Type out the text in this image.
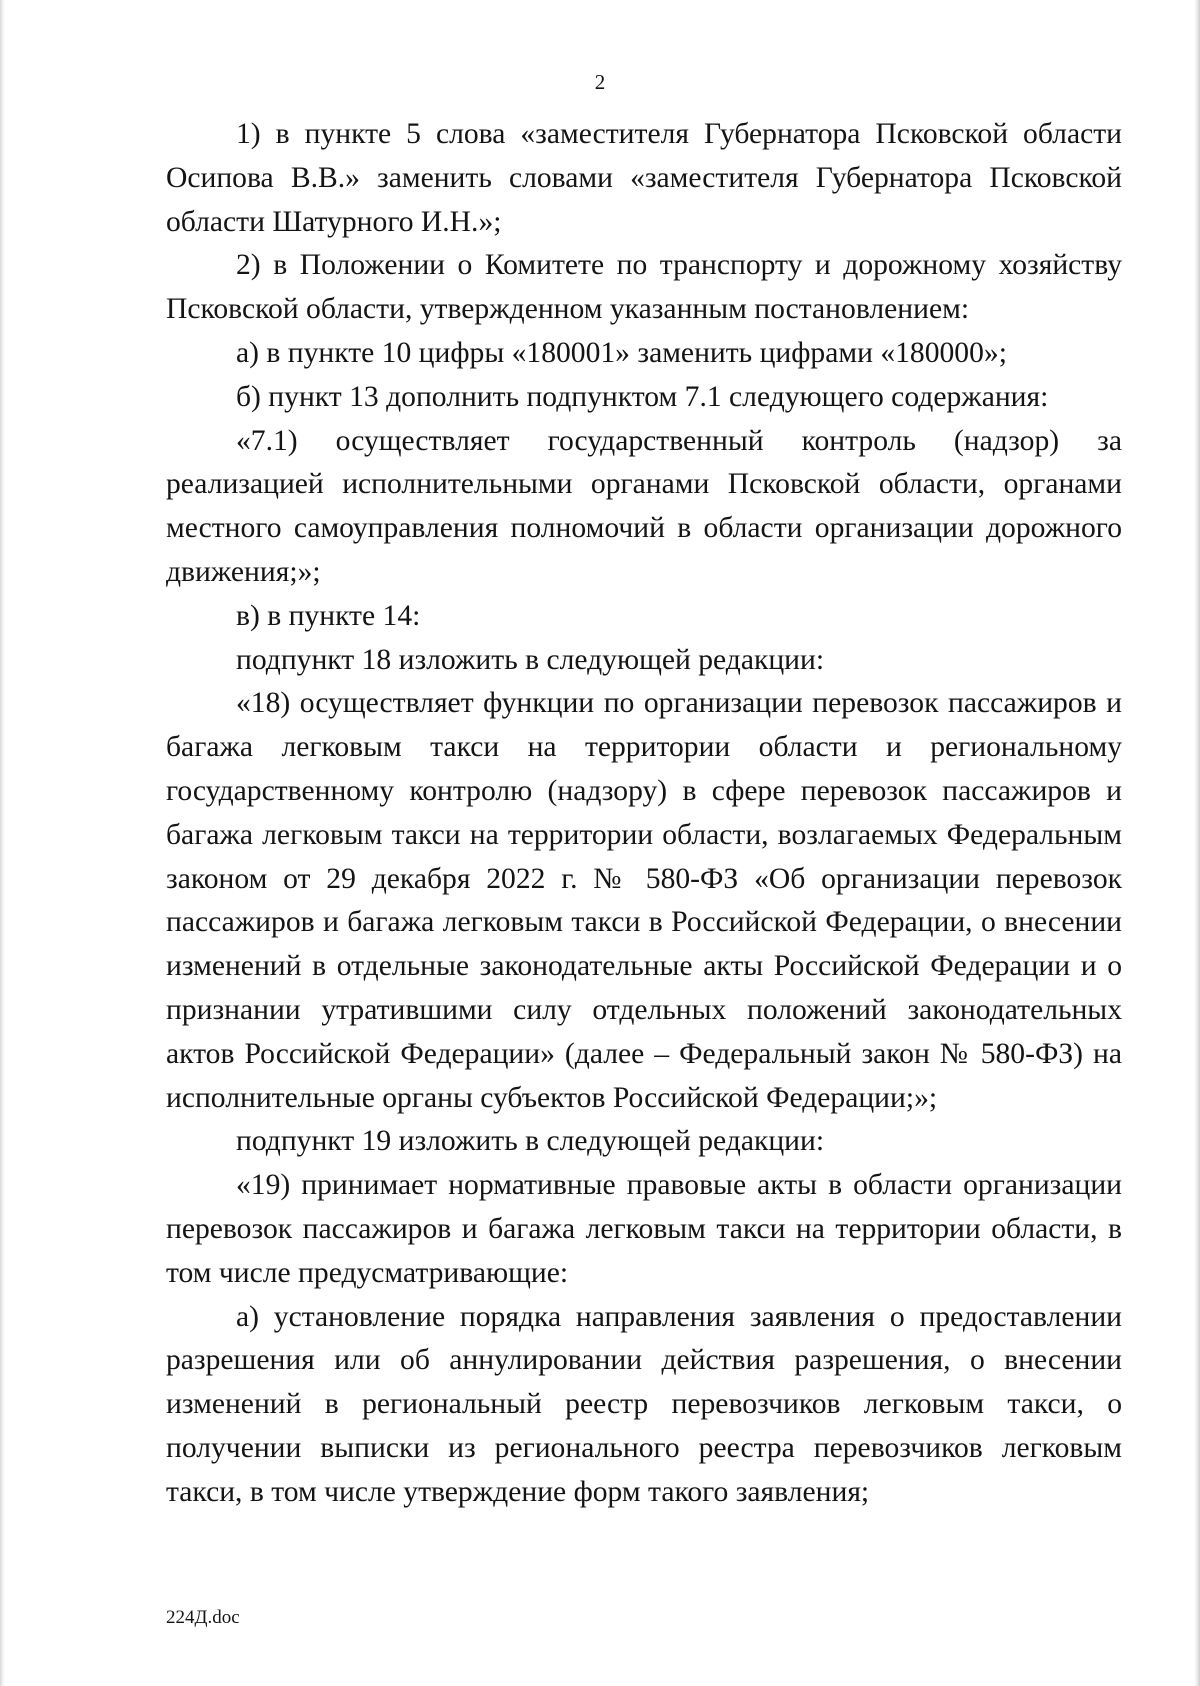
2

1) в пункте 5 слова «заместителя Губернатора Псковской области Осипова В.В.» заменить словами «заместителя Губернатора Псковской области Шатурного И.Н.»;

2) в Положении о Комитете по транспорту и дорожному хозяйству Псковской области, утвержденном указанным постановлением:

а) в пункте 10 цифры «180001» заменить цифрами «180000»;

б) пункт 13 дополнить подпунктом 7.1 следующего содержания:

«7.1) осуществляет государственный контроль (надзор) за реализацией исполнительными органами Псковской области, органами местного самоуправления полномочий в области организации дорожного движения;»;

в) в пункте 14:

подпункт 18 изложить в следующей редакции:

«18) осуществляет функции по организации перевозок пассажиров и багажа легковым такси на территории области и региональному государственному контролю (надзору) в сфере перевозок пассажиров и багажа легковым такси на территории области, возлагаемых Федеральным законом от 29 декабря 2022 г. № 580-ФЗ «Об организации перевозок пассажиров и багажа легковым такси в Российской Федерации, о внесении изменений в отдельные законодательные акты Российской Федерации и о признании утратившими силу отдельных положений законодательных актов Российской Федерации» (далее – Федеральный закон № 580-ФЗ) на исполнительные органы субъектов Российской Федерации;»;

подпункт 19 изложить в следующей редакции:

«19) принимает нормативные правовые акты в области организации перевозок пассажиров и багажа легковым такси на территории области, в том числе предусматривающие:

а) установление порядка направления заявления о предоставлении разрешения или об аннулировании действия разрешения, о внесении изменений в региональный реестр перевозчиков легковым такси, о получении выписки из регионального реестра перевозчиков легковым такси, в том числе утверждение форм такого заявления;

224Д.doc
